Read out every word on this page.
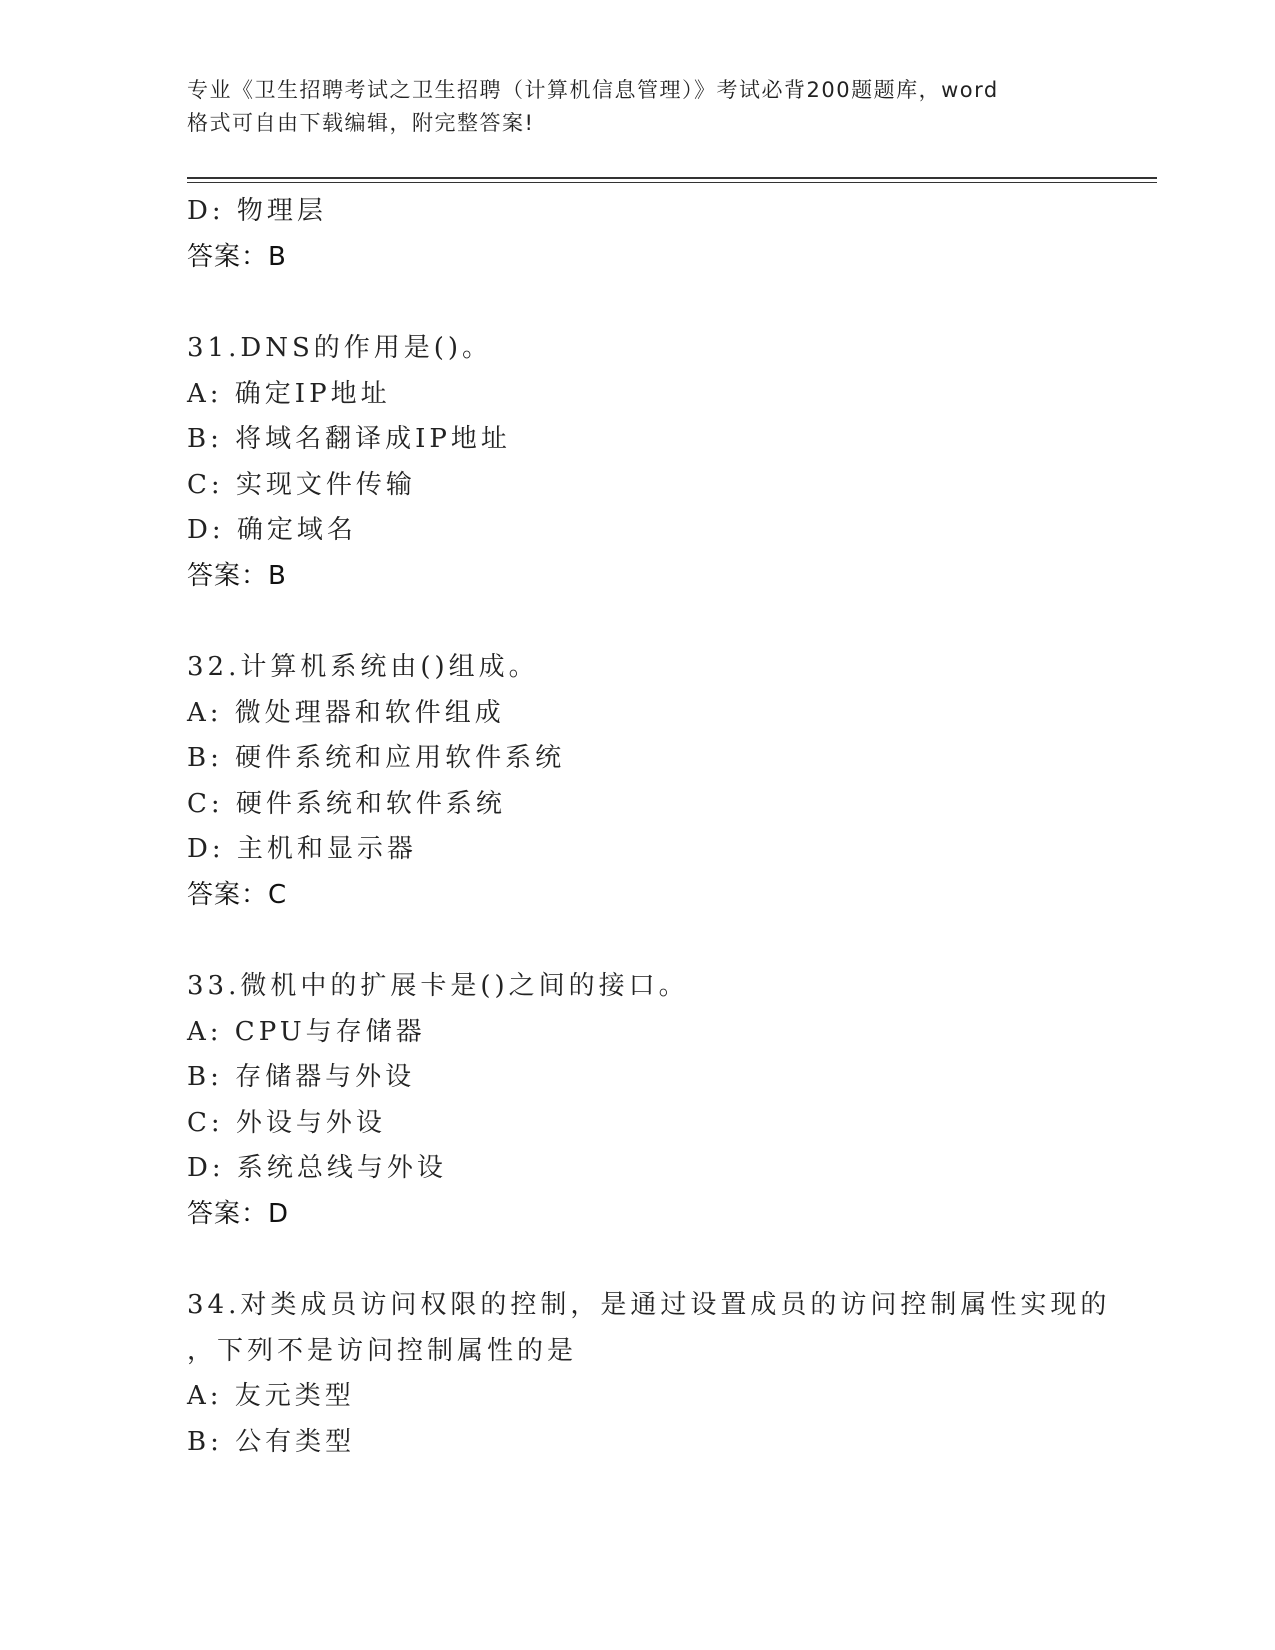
专业《卫生招聘考试之卫生招聘（计算机信息管理）》考试必背200题题库，word
格式可自由下载编辑，附完整答案!
D: 物理层
答案：B
31.DNS的作用是()。
A: 确定IP地址
B: 将域名翻译成IP地址
C: 实现文件传输
D: 确定域名
答案：B
32.计算机系统由()组成。
A: 微处理器和软件组成
B: 硬件系统和应用软件系统
C: 硬件系统和软件系统
D: 主机和显示器
答案：C
33.微机中的扩展卡是()之间的接口。
A: CPU与存储器
B: 存储器与外设
C: 外设与外设
D: 系统总线与外设
答案：D
34.对类成员访问权限的控制，是通过设置成员的访问控制属性实现的
，下列不是访问控制属性的是
A: 友元类型
B: 公有类型
